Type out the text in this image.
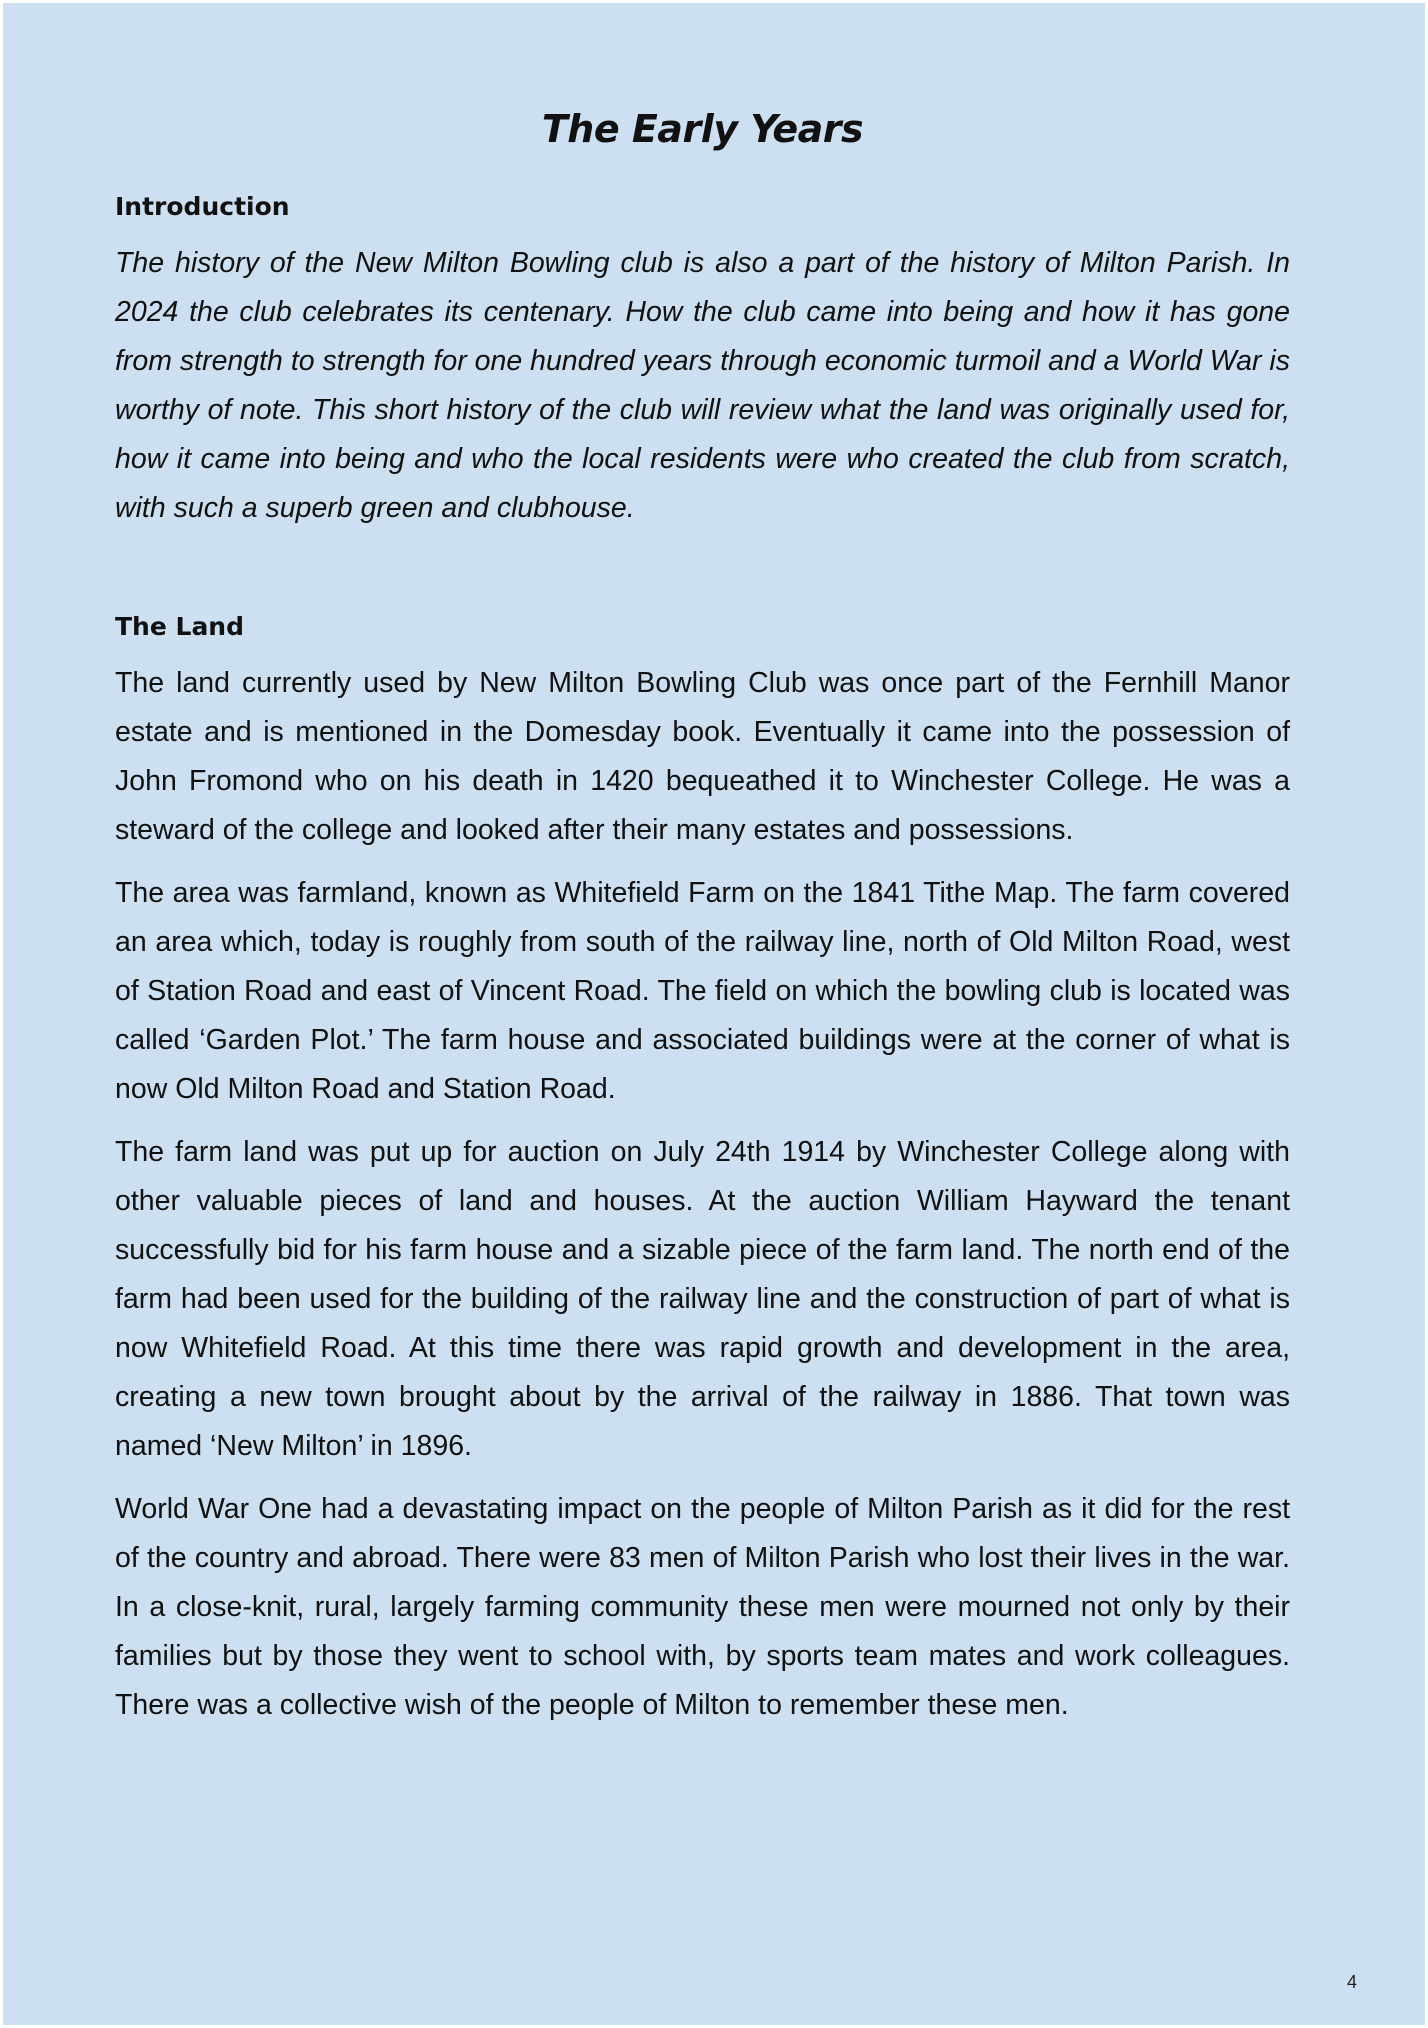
The Early Years
Introduction

The history of the New Milton Bowling club is also a part of the history of Milton Parish. In 2024 the club celebrates its centenary. How the club came into being and how it has gone from strength to strength for one hundred years through economic turmoil and a World War is worthy of note. This short history of the club will review what the land was originally used for, how it came into being and who the local residents were who created the club from scratch, with such a superb green and clubhouse.

The Land

The land currently used by New Milton Bowling Club was once part of the Fernhill Manor estate and is mentioned in the Domesday book. Eventually it came into the possession of John Fromond who on his death in 1420 bequeathed it to Winchester College. He was a steward of the college and looked after their many estates and possessions.

The area was farmland, known as Whitefield Farm on the 1841 Tithe Map. The farm covered an area which, today is roughly from south of the railway line, north of Old Milton Road, west of Station Road and east of Vincent Road. The field on which the bowling club is located was called ‘Garden Plot.’ The farm house and associated buildings were at the corner of what is now Old Milton Road and Station Road.

The farm land was put up for auction on July 24th 1914 by Winchester College along with other valuable pieces of land and houses. At the auction William Hayward the tenant successfully bid for his farm house and a sizable piece of the farm land. The north end of the farm had been used for the building of the railway line and the construction of part of what is now Whitefield Road. At this time there was rapid growth and development in the area, creating a new town brought about by the arrival of the railway in 1886. That town was named ‘New Milton’ in 1896.

World War One had a devastating impact on the people of Milton Parish as it did for the rest of the country and abroad. There were 83 men of Milton Parish who lost their lives in the war. In a close-knit, rural, largely farming community these men were mourned not only by their families but by those they went to school with, by sports team mates and work colleagues. There was a collective wish of the people of Milton to remember these men.

4
